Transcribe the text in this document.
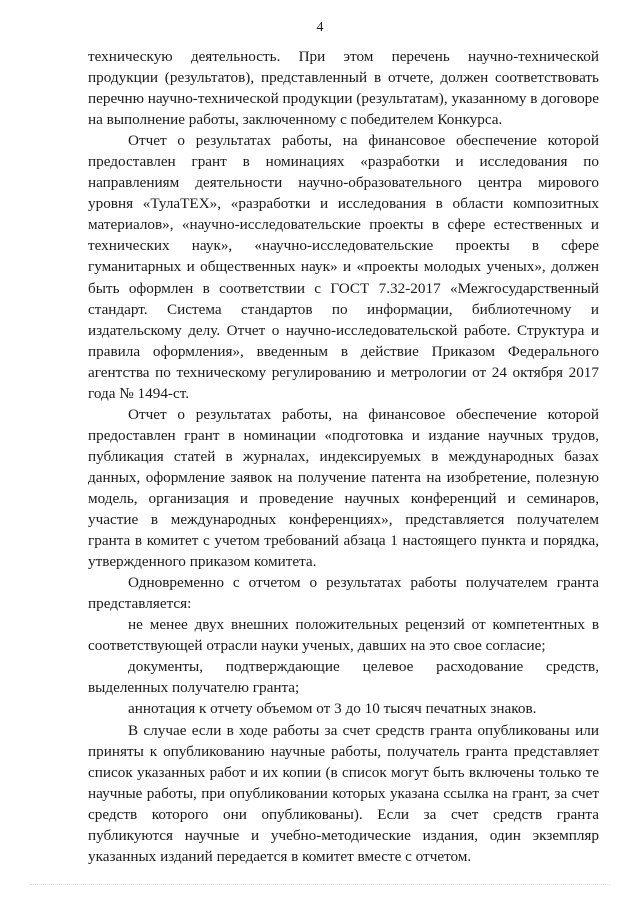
4

техническую деятельность. При этом перечень научно-технической продукции (результатов), представленный в отчете, должен соответствовать перечню научно-технической продукции (результатам), указанному в договоре на выполнение работы, заключенному с победителем Конкурса.

Отчет о результатах работы, на финансовое обеспечение которой предоставлен грант в номинациях «разработки и исследования по направлениям деятельности научно-образовательного центра мирового уровня «ТулаТЕХ», «разработки и исследования в области композитных материалов», «научно-исследовательские проекты в сфере естественных и технических наук», «научно-исследовательские проекты в сфере гуманитарных и общественных наук» и «проекты молодых ученых», должен быть оформлен в соответствии с ГОСТ 7.32-2017 «Межгосударственный стандарт. Система стандартов по информации, библиотечному и издательскому делу. Отчет о научно-исследовательской работе. Структура и правила оформления», введенным в действие Приказом Федерального агентства по техническому регулированию и метрологии от 24 октября 2017 года № 1494-ст.

Отчет о результатах работы, на финансовое обеспечение которой предоставлен грант в номинации «подготовка и издание научных трудов, публикация статей в журналах, индексируемых в международных базах данных, оформление заявок на получение патента на изобретение, полезную модель, организация и проведение научных конференций и семинаров, участие в международных конференциях», представляется получателем гранта в комитет с учетом требований абзаца 1 настоящего пункта и порядка, утвержденного приказом комитета.

Одновременно с отчетом о результатах работы получателем гранта представляется:

не менее двух внешних положительных рецензий от компетентных в соответствующей отрасли науки ученых, давших на это свое согласие;

документы, подтверждающие целевое расходование средств, выделенных получателю гранта;

аннотация к отчету объемом от 3 до 10 тысяч печатных знаков.

В случае если в ходе работы за счет средств гранта опубликованы или приняты к опубликованию научные работы, получатель гранта представляет список указанных работ и их копии (в список могут быть включены только те научные работы, при опубликовании которых указана ссылка на грант, за счет средств которого они опубликованы). Если за счет средств гранта публикуются научные и учебно-методические издания, один экземпляр указанных изданий передается в комитет вместе с отчетом.
